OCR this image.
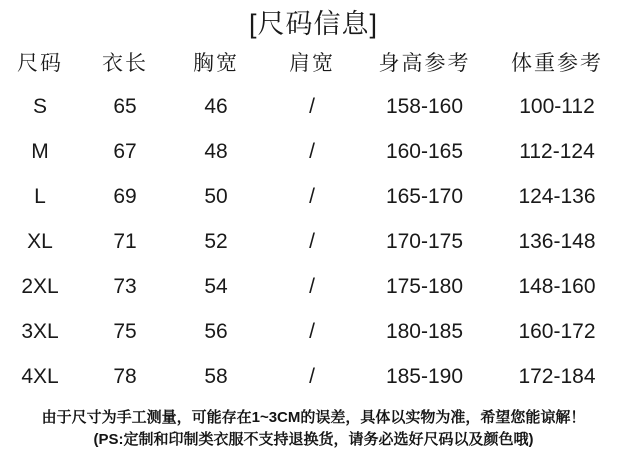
[尺码信息]
尺码	衣长	胸宽	肩宽	身高参考	体重参考
S	65	46	/	158-160	100-112
M	67	48	/	160-165	112-124
L	69	50	/	165-170	124-136
XL	71	52	/	170-175	136-148
2XL	73	54	/	175-180	148-160
3XL	75	56	/	180-185	160-172
4XL	78	58	/	185-190	172-184

由于尺寸为手工测量，可能存在1~3CM的误差，具体以实物为准，希望您能谅解！

(PS:定制和印制类衣服不支持退换货，请务必选好尺码以及颜色哦)
